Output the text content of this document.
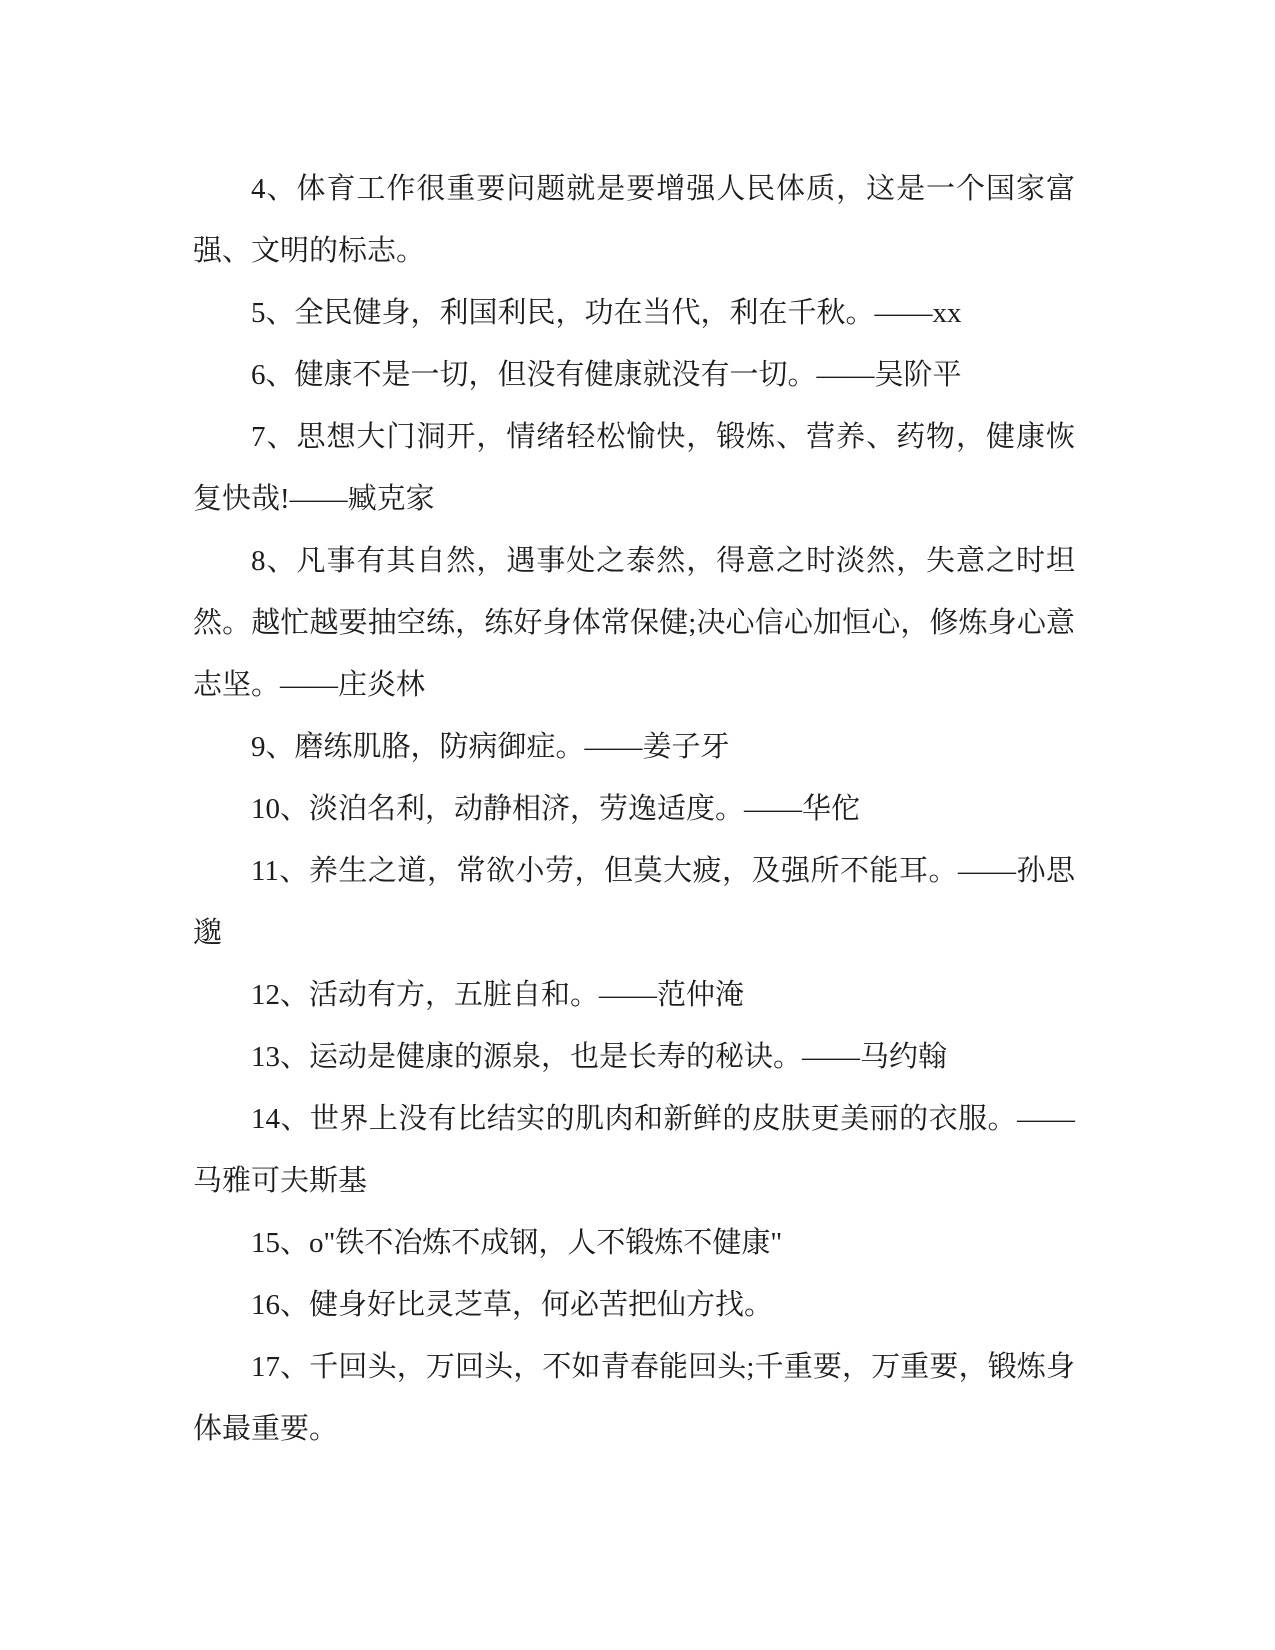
4、体育工作很重要问题就是要增强人民体质，这是一个国家富强、文明的标志。

5、全民健身，利国利民，功在当代，利在千秋。——xx

6、健康不是一切，但没有健康就没有一切。——吴阶平

7、思想大门洞开，情绪轻松愉快，锻炼、营养、药物，健康恢复快哉!——臧克家

8、凡事有其自然，遇事处之泰然，得意之时淡然，失意之时坦然。越忙越要抽空练，练好身体常保健;决心信心加恒心，修炼身心意志坚。——庄炎林

9、磨练肌胳，防病御症。——姜子牙

10、淡泊名利，动静相济，劳逸适度。——华佗

11、养生之道，常欲小劳，但莫大疲，及强所不能耳。——孙思邈

12、活动有方，五脏自和。——范仲淹

13、运动是健康的源泉，也是长寿的秘诀。——马约翰

14、世界上没有比结实的肌肉和新鲜的皮肤更美丽的衣服。——马雅可夫斯基

15、o"铁不冶炼不成钢，人不锻炼不健康"

16、健身好比灵芝草，何必苦把仙方找。

17、千回头，万回头，不如青春能回头;千重要，万重要，锻炼身体最重要。
